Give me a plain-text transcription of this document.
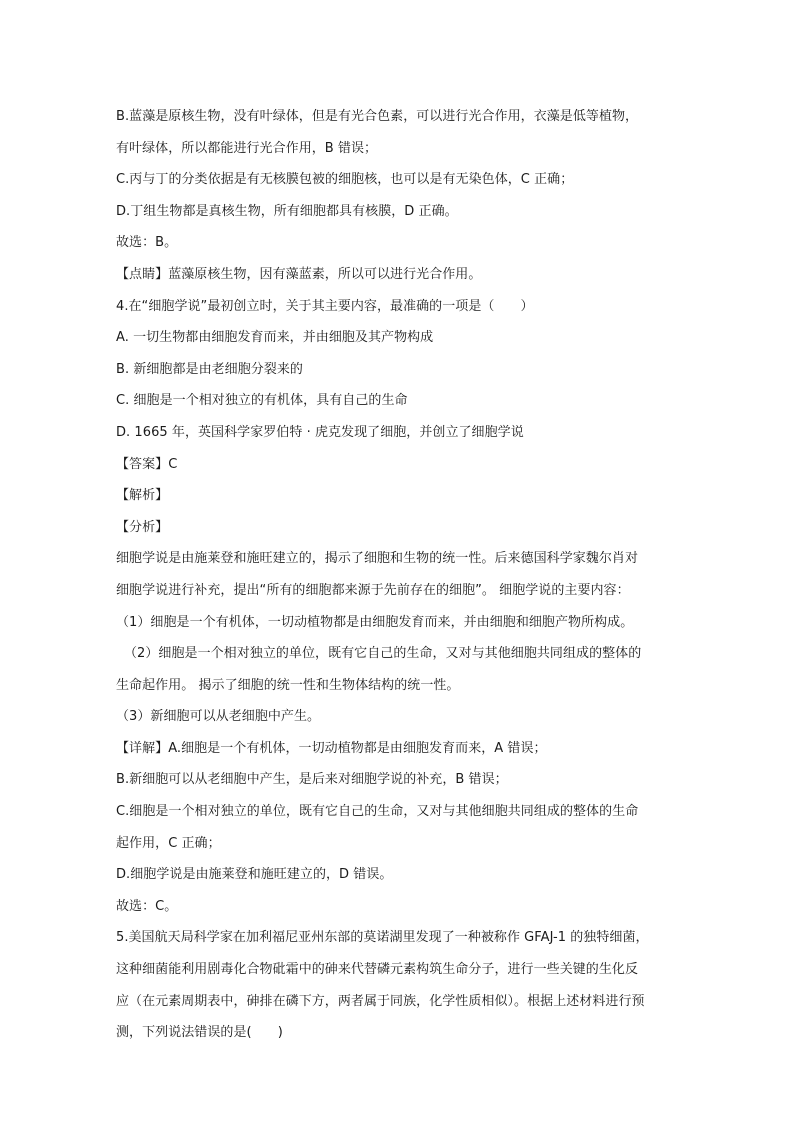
B.蓝藻是原核生物，没有叶绿体，但是有光合色素，可以进行光合作用，衣藻是低等植物，
有叶绿体，所以都能进行光合作用，B 错误；
C.丙与丁的分类依据是有无核膜包被的细胞核，也可以是有无染色体，C 正确；
D.丁组生物都是真核生物，所有细胞都具有核膜，D 正确。
故选：B。
【点睛】蓝藻原核生物，因有藻蓝素，所以可以进行光合作用。
4.在“细胞学说”最初创立时，关于其主要内容，最准确的一项是（　　）
A. 一切生物都由细胞发育而来，并由细胞及其产物构成
B. 新细胞都是由老细胞分裂来的
C. 细胞是一个相对独立的有机体，具有自己的生命
D. 1665 年，英国科学家罗伯特 · 虎克发现了细胞，并创立了细胞学说
【答案】C
【解析】
【分析】
细胞学说是由施莱登和施旺建立的，揭示了细胞和生物的统一性。后来德国科学家魏尔肖对
细胞学说进行补充，提出“所有的细胞都来源于先前存在的细胞”。 细胞学说的主要内容：
（1）细胞是一个有机体，一切动植物都是由细胞发育而来，并由细胞和细胞产物所构成。
（2）细胞是一个相对独立的单位，既有它自己的生命，又对与其他细胞共同组成的整体的
生命起作用。 揭示了细胞的统一性和生物体结构的统一性。
（3）新细胞可以从老细胞中产生。
【详解】A.细胞是一个有机体，一切动植物都是由细胞发育而来，A 错误；
B.新细胞可以从老细胞中产生，是后来对细胞学说的补充，B 错误；
C.细胞是一个相对独立的单位，既有它自己的生命，又对与其他细胞共同组成的整体的生命
起作用，C 正确；
D.细胞学说是由施莱登和施旺建立的，D 错误。
故选：C。
5.美国航天局科学家在加利福尼亚州东部的莫诺湖里发现了一种被称作 GFAJ-1 的独特细菌，
这种细菌能利用剧毒化合物砒霜中的砷来代替磷元素构筑生命分子，进行一些关键的生化反
应（在元素周期表中，砷排在磷下方，两者属于同族，化学性质相似）。根据上述材料进行预
测，下列说法错误的是(　　)
